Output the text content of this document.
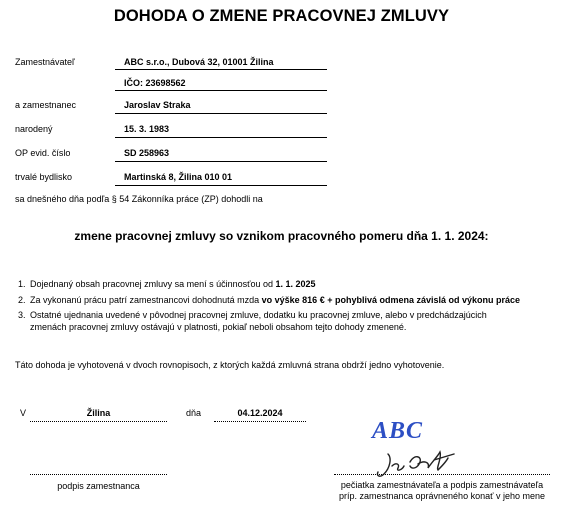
DOHODA O ZMENE PRACOVNEJ ZMLUVY
Zamestnávateľ	ABC s.r.o., Dubová 32, 01001 Žilina
IČO: 23698562
a zamestnanec	Jaroslav Straka
narodený	15. 3. 1983
OP evid. číslo	SD 258963
trvalé bydlisko	Martinská 8, Žilina 010 01
sa dnešného dňa podľa § 54 Zákonníka práce (ZP) dohodli na
zmene pracovnej zmluvy so vznikom pracovného pomeru dňa 1. 1. 2024:
1. Dojednaný obsah pracovnej zmluvy sa mení s účinnosťou od 1. 1. 2025
2. Za vykonanú prácu patrí zamestnancovi dohodnutá mzda vo výške 816 € + pohyblivá odmena závislá od výkonu práce
3. Ostatné ujednania uvedené v pôvodnej pracovnej zmluve, dodatku ku pracovnej zmluve, alebo v predchádzajúcich
zmenách pracovnej zmluvy ostávajú v platnosti, pokiaľ neboli obsahom tejto dohody zmenené.
Táto dohoda je vyhotovená v dvoch rovnopisoch, z ktorých každá zmluvná strana obdrží jedno vyhotovenie.
V	Žilina	dňa	04.12.2024
ABC
podpis zamestnanca	pečiatka zamestnávateľa a podpis zamestnávateľa
príp. zamestnanca oprávneného konať v jeho mene
